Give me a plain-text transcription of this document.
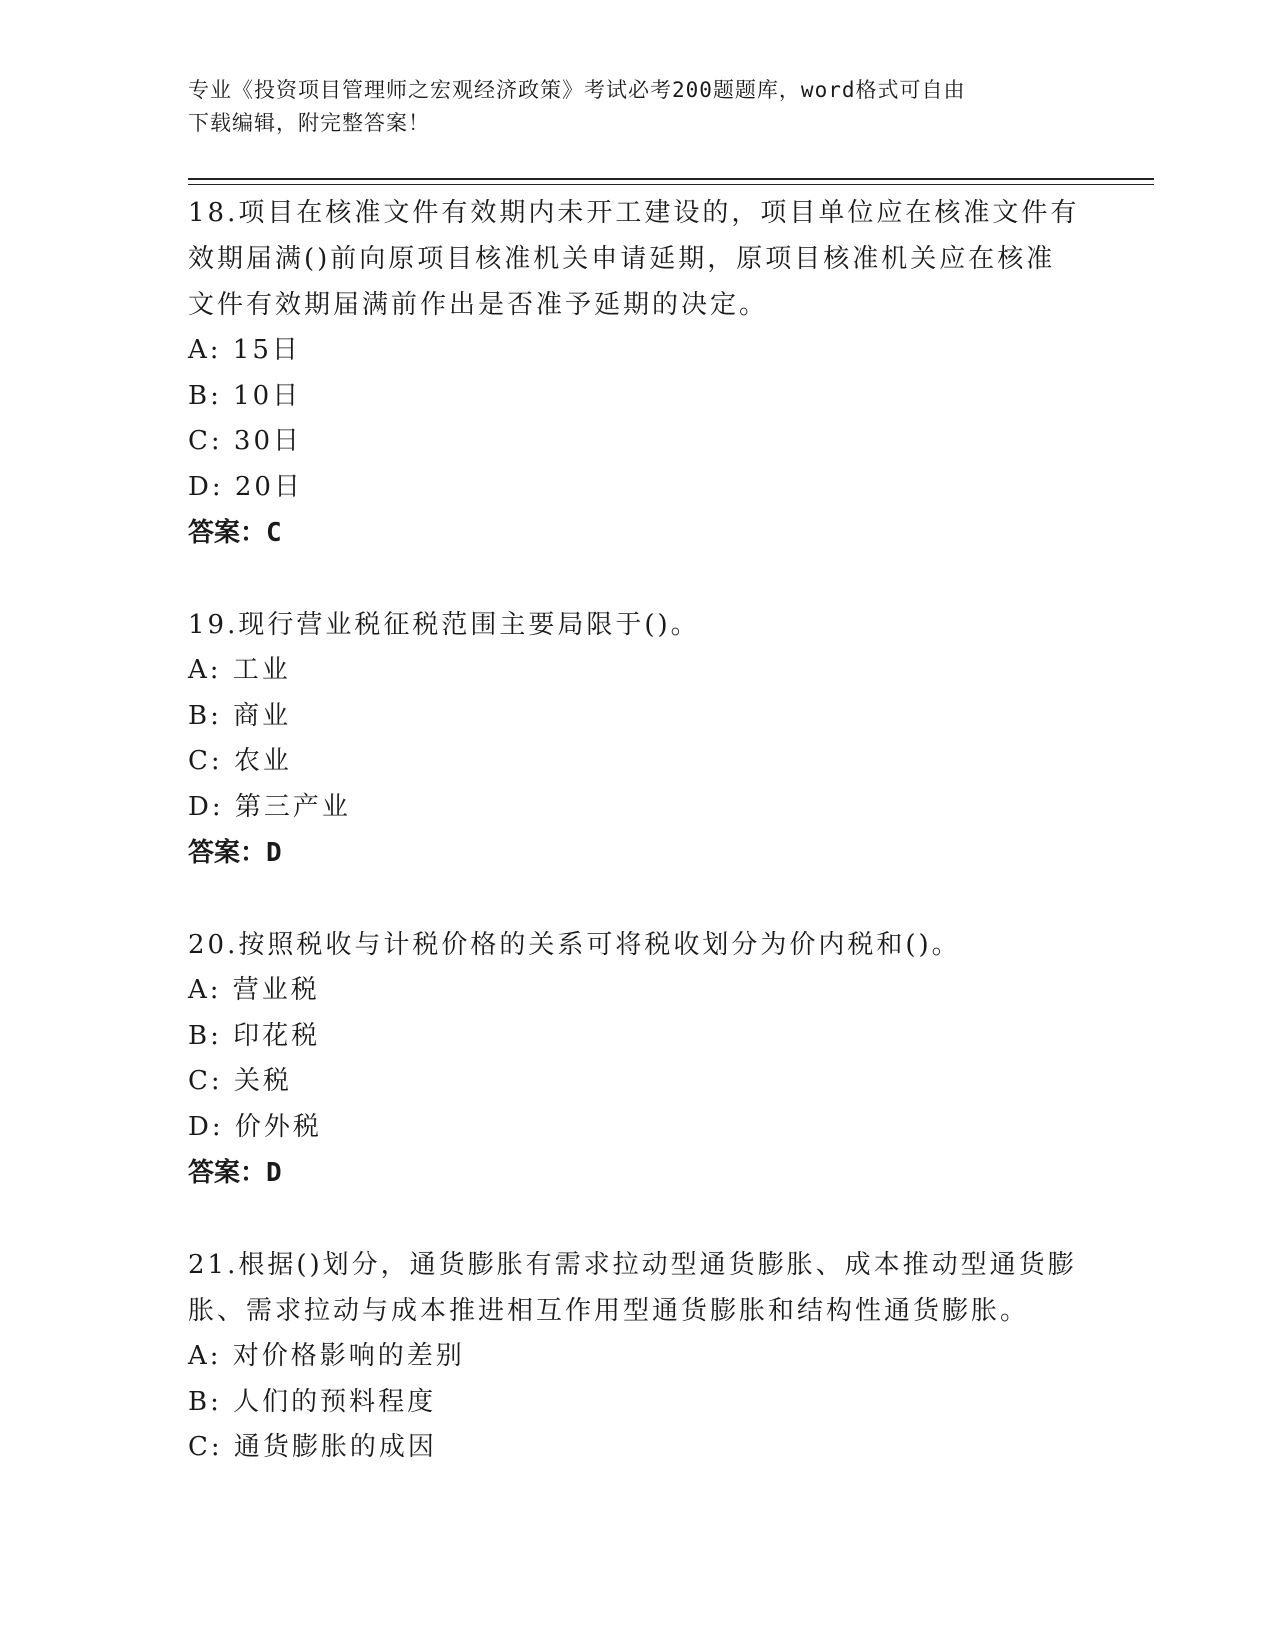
专业《投资项目管理师之宏观经济政策》考试必考200题题库，word格式可自由
下载编辑，附完整答案！

18.项目在核准文件有效期内未开工建设的，项目单位应在核准文件有

效期届满()前向原项目核准机关申请延期，原项目核准机关应在核准

文件有效期届满前作出是否准予延期的决定。

A: 15日

B: 10日

C: 30日

D: 20日

答案：C

19.现行营业税征税范围主要局限于()。

A: 工业

B: 商业

C: 农业

D: 第三产业

答案：D

20.按照税收与计税价格的关系可将税收划分为价内税和()。

A: 营业税

B: 印花税

C: 关税

D: 价外税

答案：D

21.根据()划分，通货膨胀有需求拉动型通货膨胀、成本推动型通货膨

胀、需求拉动与成本推进相互作用型通货膨胀和结构性通货膨胀。

A: 对价格影响的差别

B: 人们的预料程度

C: 通货膨胀的成因
